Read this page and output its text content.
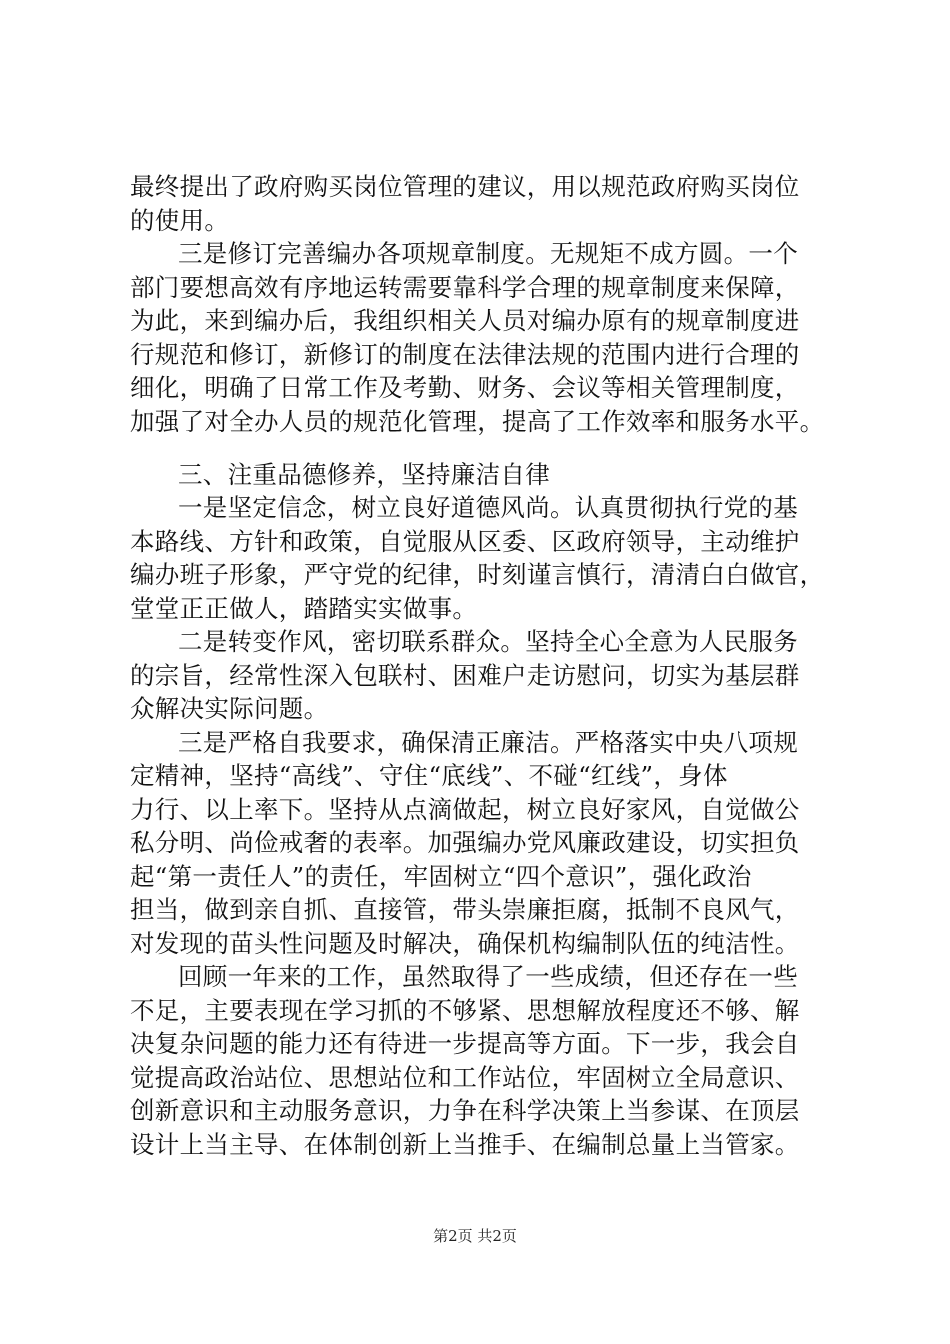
最终提出了政府购买岗位管理的建议，用以规范政府购买岗位
的使用。
三是修订完善编办各项规章制度。无规矩不成方圆。一个
部门要想高效有序地运转需要靠科学合理的规章制度来保障，
为此，来到编办后，我组织相关人员对编办原有的规章制度进
行规范和修订，新修订的制度在法律法规的范围内进行合理的
细化，明确了日常工作及考勤、财务、会议等相关管理制度，
加强了对全办人员的规范化管理，提高了工作效率和服务水平。
三、注重品德修养，坚持廉洁自律
一是坚定信念，树立良好道德风尚。认真贯彻执行党的基
本路线、方针和政策，自觉服从区委、区政府领导，主动维护
编办班子形象，严守党的纪律，时刻谨言慎行，清清白白做官，
堂堂正正做人，踏踏实实做事。
二是转变作风，密切联系群众。坚持全心全意为人民服务
的宗旨，经常性深入包联村、困难户走访慰问，切实为基层群
众解决实际问题。
三是严格自我要求，确保清正廉洁。严格落实中央八项规
定精神，坚持“高线”、守住“底线”、不碰“红线”，身体
力行、以上率下。坚持从点滴做起，树立良好家风，自觉做公
私分明、尚俭戒奢的表率。加强编办党风廉政建设，切实担负
起“第一责任人”的责任，牢固树立“四个意识”，强化政治
担当，做到亲自抓、直接管，带头崇廉拒腐，抵制不良风气，
对发现的苗头性问题及时解决，确保机构编制队伍的纯洁性。
回顾一年来的工作，虽然取得了一些成绩，但还存在一些
不足，主要表现在学习抓的不够紧、思想解放程度还不够、解
决复杂问题的能力还有待进一步提高等方面。下一步，我会自
觉提高政治站位、思想站位和工作站位，牢固树立全局意识、
创新意识和主动服务意识，力争在科学决策上当参谋、在顶层
设计上当主导、在体制创新上当推手、在编制总量上当管家。
第2页 共2页
